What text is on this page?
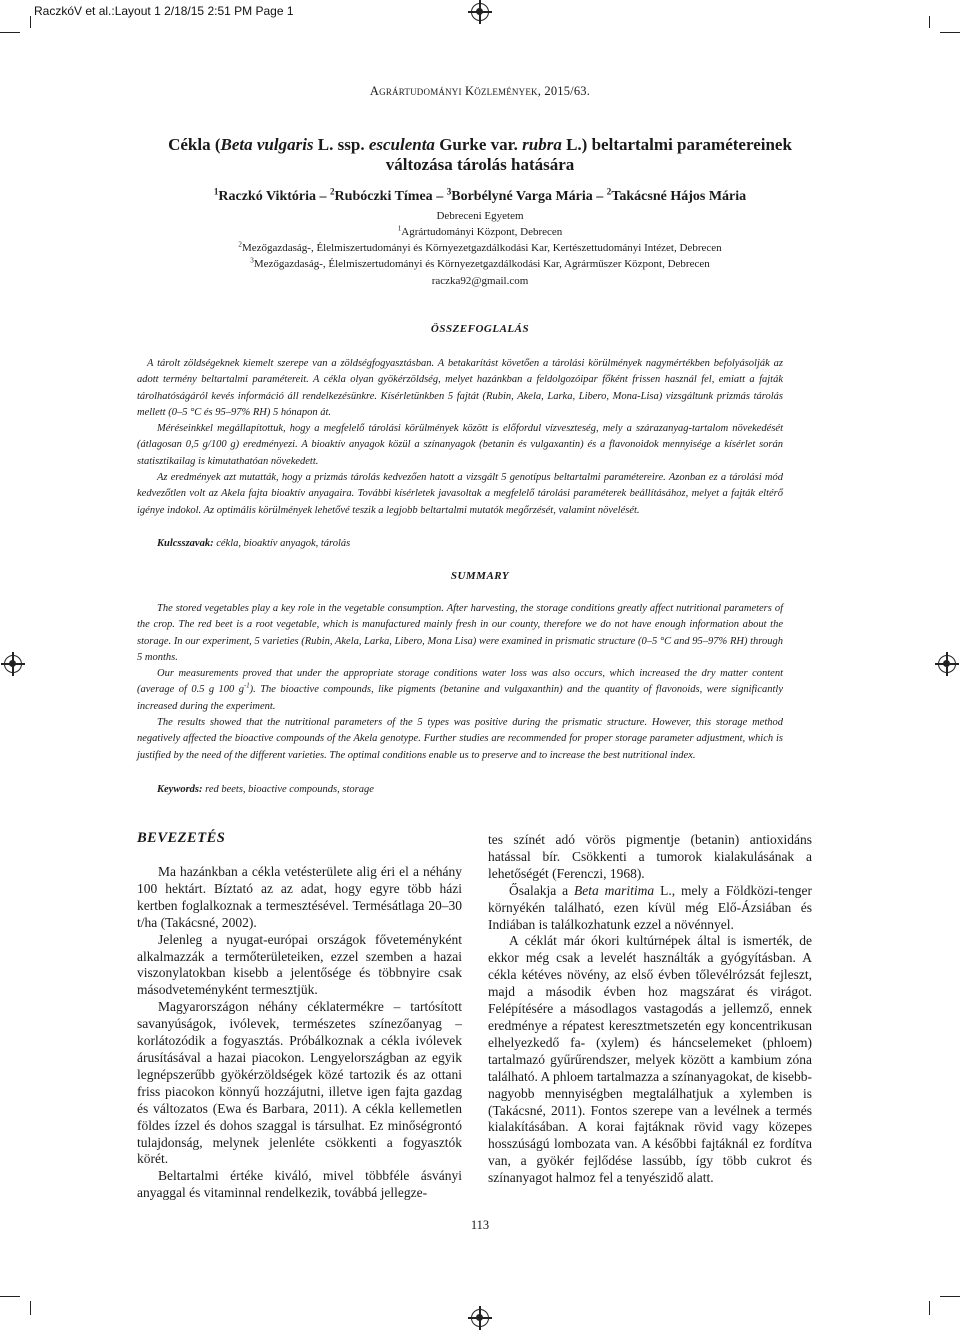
RaczkóV et al.:Layout 1 2/18/15 2:51 PM Page 1
Agrártudományi Közlemények, 2015/63.
Cékla (Beta vulgaris L. ssp. esculenta Gurke var. rubra L.) beltartalmi paramétereinek
változása tárolás hatására
$^1$Raczkó Viktória – $^2$Rubóczki Tímea – $^3$Borbélyné Varga Mária – $^2$Takácsné Hájos Mária
Debreceni Egyetem
$^1$Agrártudományi Központ, Debrecen
$^2$Mezőgazdaság-, Élelmiszertudományi és Környezetgazdálkodási Kar, Kertészettudományi Intézet, Debrecen
$^3$Mezőgazdaság-, Élelmiszertudományi és Környezetgazdálkodási Kar, Agrárműszer Központ, Debrecen
raczka92@gmail.com
ÖSSZEFOGLALÁS

A tárolt zöldségeknek kiemelt szerepe van a zöldségfogyasztásban. A betakarítást követően a tárolási körülmények nagymértékben befolyásolják az adott termény beltartalmi paramétereit. A cékla olyan gyökérzöldség, melyet hazánkban a feldolgozóipar főként frissen használ fel, emiatt a fajták tárolhatóságáról kevés információ áll rendelkezésünkre. Kísérletünkben 5 fajtát (Rubin, Akela, Larka, Libero, Mona-Lisa) vizsgáltunk prizmás tárolás mellett (0–5 °C és 95–97% RH) 5 hónapon át.

Méréseinkkel megállapítottuk, hogy a megfelelő tárolási körülmények között is előfordul vízveszteség, mely a szárazanyag-tartalom növekedését (átlagosan 0,5 g/100 g) eredményezi. A bioaktív anyagok közül a színanyagok (betanin és vulgaxantin) és a flavonoidok mennyisége a kísérlet során statisztikailag is kimutathatóan növekedett.

Az eredmények azt mutatták, hogy a prizmás tárolás kedvezően hatott a vizsgált 5 genotípus beltartalmi paramétereire. Azonban ez a tárolási mód kedvezőtlen volt az Akela fajta bioaktív anyagaira. További kísérletek javasoltak a megfelelő tárolási paraméterek beállításához, melyet a fajták eltérő igénye indokol. Az optimális körülmények lehetővé teszik a legjobb beltartalmi mutatók megőrzését, valamint növelését.

Kulcsszavak: cékla, bioaktív anyagok, tárolás
SUMMARY

The stored vegetables play a key role in the vegetable consumption. After harvesting, the storage conditions greatly affect nutritional parameters of the crop. The red beet is a root vegetable, which is manufactured mainly fresh in our county, therefore we do not have enough information about the storage. In our experiment, 5 varieties (Rubin, Akela, Larka, Libero, Mona Lisa) were examined in prismatic structure (0–5 °C and 95–97% RH) through 5 months.

Our measurements proved that under the appropriate storage conditions water loss was also occurs, which increased the dry matter content (average of 0.5 g 100 $g^{-1}$). The bioactive compounds, like pigments (betanine and vulgaxanthin) and the quantity of flavonoids, were significantly increased during the experiment.

The results showed that the nutritional parameters of the 5 types was positive during the prismatic structure. However, this storage method negatively affected the bioactive compounds of the Akela genotype. Further studies are recommended for proper storage parameter adjustment, which is justified by the need of the different varieties. The optimal conditions enable us to preserve and to increase the best nutritional index.

Keywords: red beets, bioactive compounds, storage
BEVEZETÉS

Ma hazánkban a cékla vetésterülete alig éri el a néhány 100 hektárt. Bíztató az az adat, hogy egyre több házi kertben foglalkoznak a termesztésével. Termésátlaga 20–30 t/ha (Takácsné, 2002).

Jelenleg a nyugat-európai országok főveteményként alkalmazzák a termőterületeiken, ezzel szemben a hazai viszonylatokban kisebb a jelentősége és többnyire csak másodveteményként termesztjük.

Magyarországon néhány céklatermékre – tartósított savanyúságok, ivólevek, természetes színezőanyag – korlátozódik a fogyasztás. Próbálkoznak a cékla ivólevek árusításával a hazai piacokon. Lengyelországban az egyik legnépszerűbb gyökérzöldségek közé tartozik és az ottani friss piacokon könnyű hozzájutni, illetve igen fajta gazdag és változatos (Ewa és Barbara, 2011). A cékla kellemetlen földes ízzel és dohos szaggal is társulhat. Ez minőségrontó tulajdonság, melynek jelenléte csökkenti a fogyasztók körét.

Beltartalmi értéke kiváló, mivel többféle ásványi anyaggal és vitaminnal rendelkezik, továbbá jellegze-

tes színét adó vörös pigmentje (betanin) antioxidáns hatással bír. Csökkenti a tumorok kialakulásának a lehetőségét (Ferenczi, 1968).

Ősalakja a Beta maritima L., mely a Földközi-tenger környékén található, ezen kívül még Elő-Ázsiában és Indiában is találkozhatunk ezzel a növénnyel.

A céklát már ókori kultúrnépek által is ismerték, de ekkor még csak a levelét használták a gyógyításban. A cékla kétéves növény, az első évben tőlevélrózsát fejleszt, majd a második évben hoz magszárat és virágot. Felépítésére a másodlagos vastagodás a jellemző, ennek eredménye a répatest keresztmetszetén egy koncentrikusan elhelyezkedő fa- (xylem) és háncselemeket (phloem) tartalmazó gyűrűrendszer, melyek között a kambium zóna található. A phloem tartalmazza a színanyagokat, de kisebb-nagyobb mennyiségben megtalálhatjuk a xylemben is (Takácsné, 2011). Fontos szerepe van a levélnek a termés kialakításában. A korai fajtáknak rövid vagy közepes hosszúságú lombozata van. A későbbi fajtáknál ez fordítva van, a gyökér fejlődése lassúbb, így több cukrot és színanyagot halmoz fel a tenyészidő alatt.

113
